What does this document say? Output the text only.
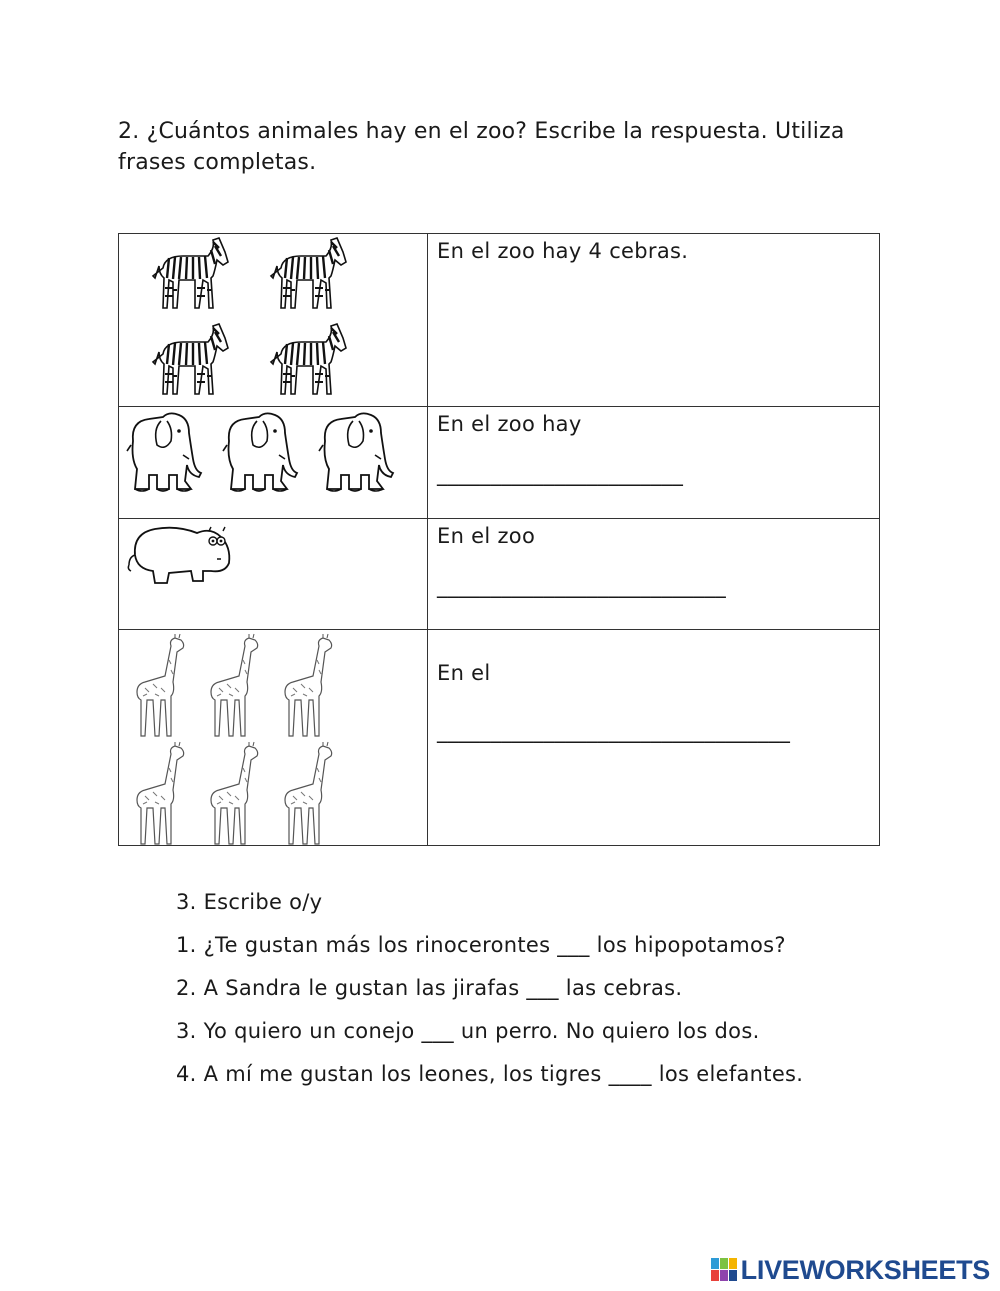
2. ¿Cuántos animales hay en el zoo? Escribe la respuesta. Utiliza frases completas.
En el zoo hay 4 cebras.
En el zoo hay
_______________________
En el zoo
___________________________
En el
_________________________________
3. Escribe o/y
1. ¿Te gustan más los rinocerontes ___ los hipopotamos?
2. A Sandra le gustan las jirafas ___ las cebras.
3. Yo quiero un conejo ___ un perro. No quiero los dos.
4. A mí me gustan los leones, los tigres ____ los elefantes.
LIVEWORKSHEETS
